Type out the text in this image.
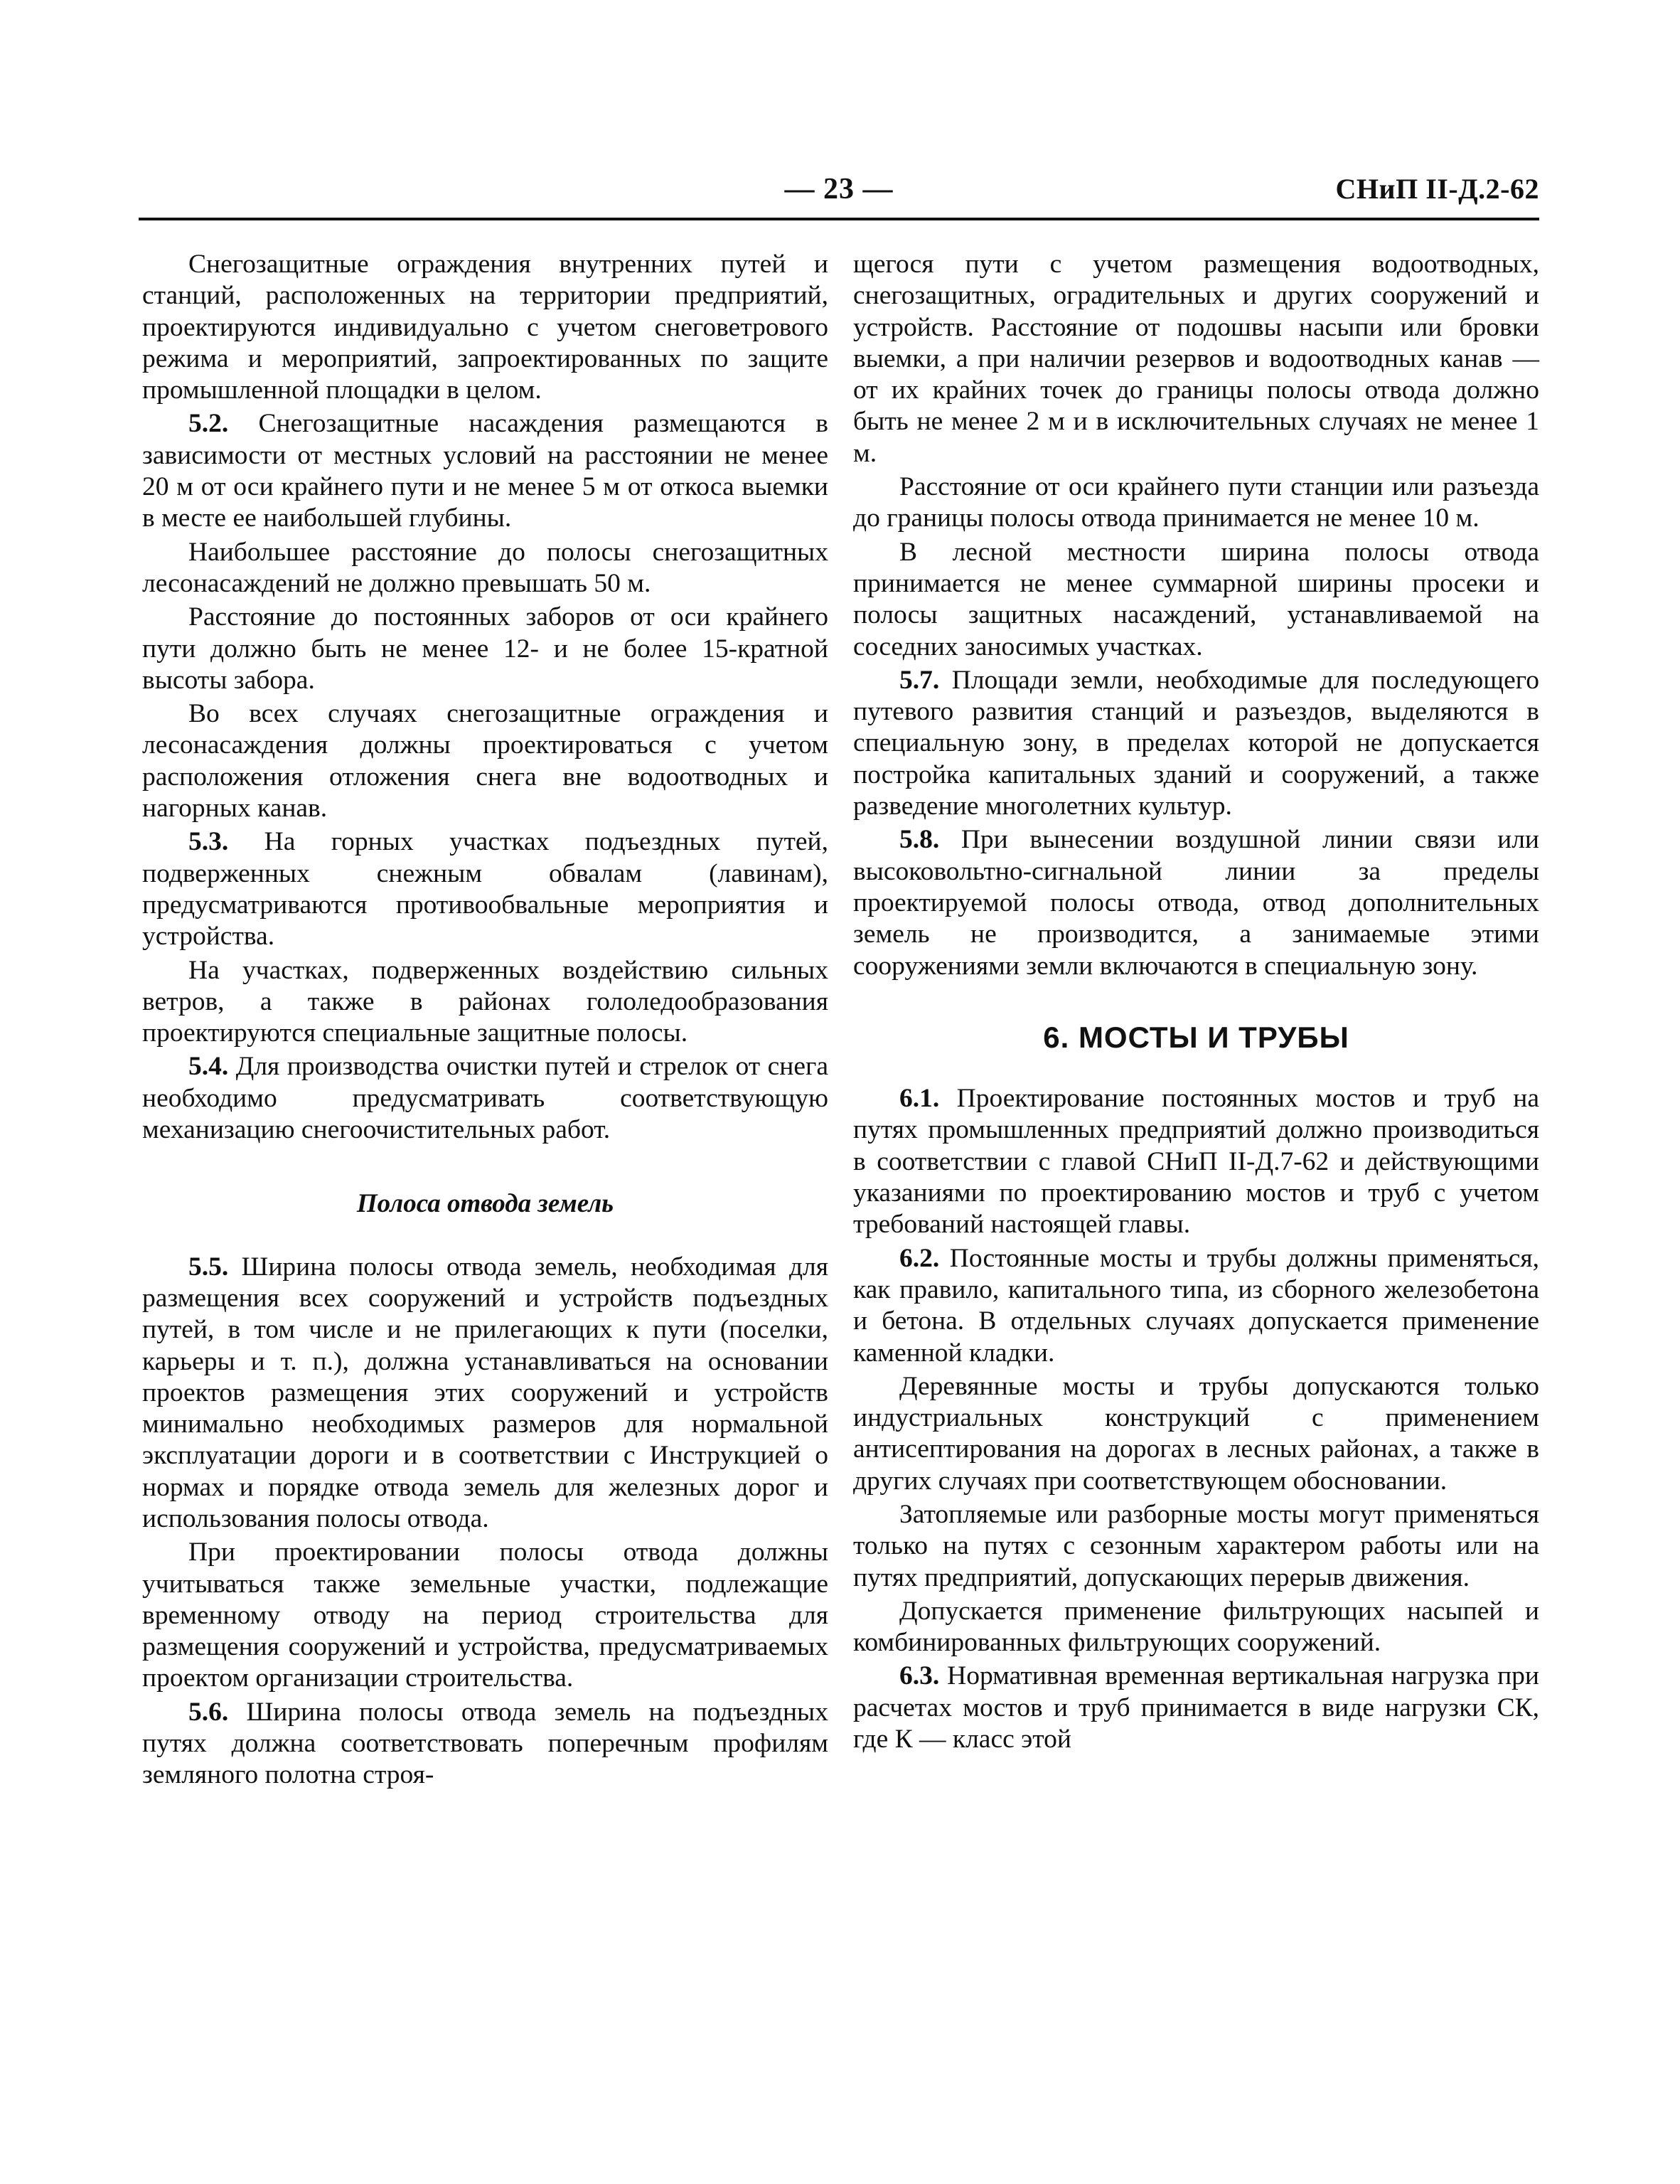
— 23 —	СНиП II-Д.2-62

Снегозащитные ограждения внутренних путей и станций, расположенных на территории предприятий, проектируются индивидуально с учетом снеговетрового режима и мероприятий, запроектированных по защите промышленной площадки в целом.

5.2. Снегозащитные насаждения размещаются в зависимости от местных условий на расстоянии не менее 20 м от оси крайнего пути и не менее 5 м от откоса выемки в месте ее наибольшей глубины.

Наибольшее расстояние до полосы снегозащитных лесонасаждений не должно превышать 50 м.

Расстояние до постоянных заборов от оси крайнего пути должно быть не менее 12- и не более 15-кратной высоты забора.

Во всех случаях снегозащитные ограждения и лесонасаждения должны проектироваться с учетом расположения отложения снега вне водоотводных и нагорных канав.

5.3. На горных участках подъездных путей, подверженных снежным обвалам (лавинам), предусматриваются противообвальные мероприятия и устройства.

На участках, подверженных воздействию сильных ветров, а также в районах гололедообразования проектируются специальные защитные полосы.

5.4. Для производства очистки путей и стрелок от снега необходимо предусматривать соответствующую механизацию снегоочистительных работ.

Полоса отвода земель

5.5. Ширина полосы отвода земель, необходимая для размещения всех сооружений и устройств подъездных путей, в том числе и не прилегающих к пути (поселки, карьеры и т. п.), должна устанавливаться на основании проектов размещения этих сооружений и устройств минимально необходимых размеров для нормальной эксплуатации дороги и в соответствии с Инструкцией о нормах и порядке отвода земель для железных дорог и использования полосы отвода.

При проектировании полосы отвода должны учитываться также земельные участки, подлежащие временному отводу на период строительства для размещения сооружений и устройства, предусматриваемых проектом организации строительства.

5.6. Ширина полосы отвода земель на подъездных путях должна соответствовать поперечным профилям земляного полотна строя-

щегося пути с учетом размещения водоотводных, снегозащитных, оградительных и других сооружений и устройств. Расстояние от подошвы насыпи или бровки выемки, а при наличии резервов и водоотводных канав — от их крайних точек до границы полосы отвода должно быть не менее 2 м и в исключительных случаях не менее 1 м.

Расстояние от оси крайнего пути станции или разъезда до границы полосы отвода принимается не менее 10 м.

В лесной местности ширина полосы отвода принимается не менее суммарной ширины просеки и полосы защитных насаждений, устанавливаемой на соседних заносимых участках.

5.7. Площади земли, необходимые для последующего путевого развития станций и разъездов, выделяются в специальную зону, в пределах которой не допускается постройка капитальных зданий и сооружений, а также разведение многолетних культур.

5.8. При вынесении воздушной линии связи или высоковольтно-сигнальной линии за пределы проектируемой полосы отвода, отвод дополнительных земель не производится, а занимаемые этими сооружениями земли включаются в специальную зону.

6. МОСТЫ И ТРУБЫ

6.1. Проектирование постоянных мостов и труб на путях промышленных предприятий должно производиться в соответствии с главой СНиП II-Д.7-62 и действующими указаниями по проектированию мостов и труб с учетом требований настоящей главы.

6.2. Постоянные мосты и трубы должны применяться, как правило, капитального типа, из сборного железобетона и бетона. В отдельных случаях допускается применение каменной кладки.

Деревянные мосты и трубы допускаются только индустриальных конструкций с применением антисептирования на дорогах в лесных районах, а также в других случаях при соответствующем обосновании.

Затопляемые или разборные мосты могут применяться только на путях с сезонным характером работы или на путях предприятий, допускающих перерыв движения.

Допускается применение фильтрующих насыпей и комбинированных фильтрующих сооружений.

6.3. Нормативная временная вертикальная нагрузка при расчетах мостов и труб принимается в виде нагрузки СК, где К — класс этой
